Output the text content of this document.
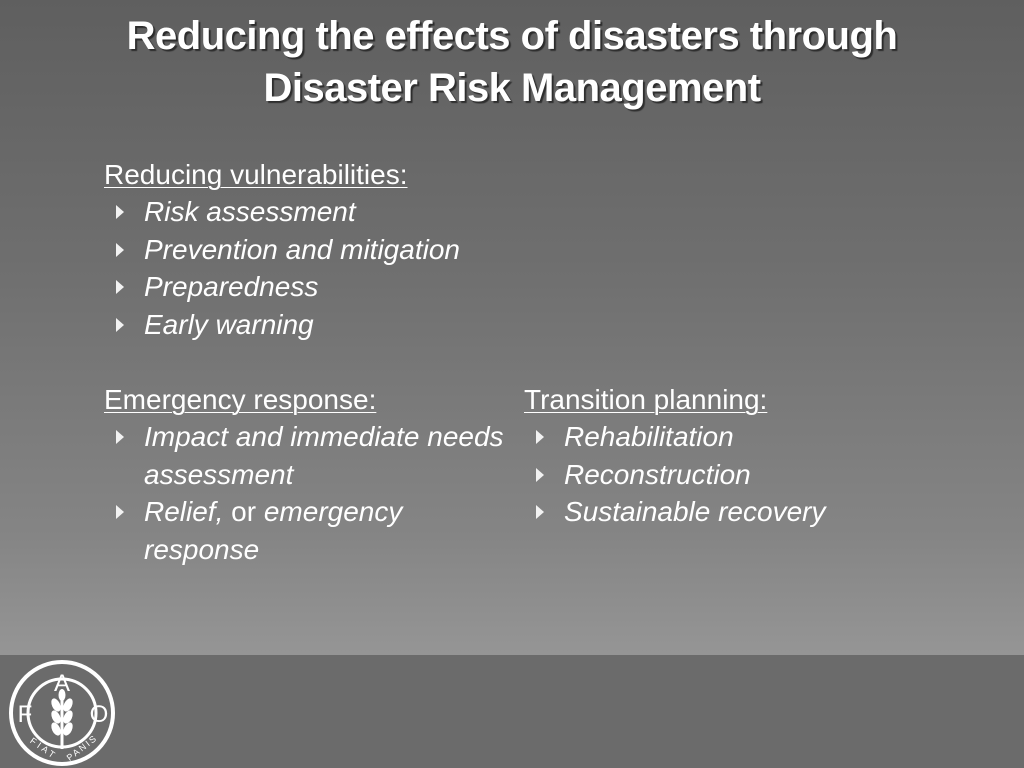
Reducing the effects of disasters through
Disaster Risk Management
Reducing vulnerabilities:
Risk assessment
Prevention and mitigation
Preparedness
Early warning
Emergency response:
Impact and immediate needs assessment
Relief, or emergency response
Transition planning:
Rehabilitation
Reconstruction
Sustainable recovery
A
F O
FIAT PANIS
